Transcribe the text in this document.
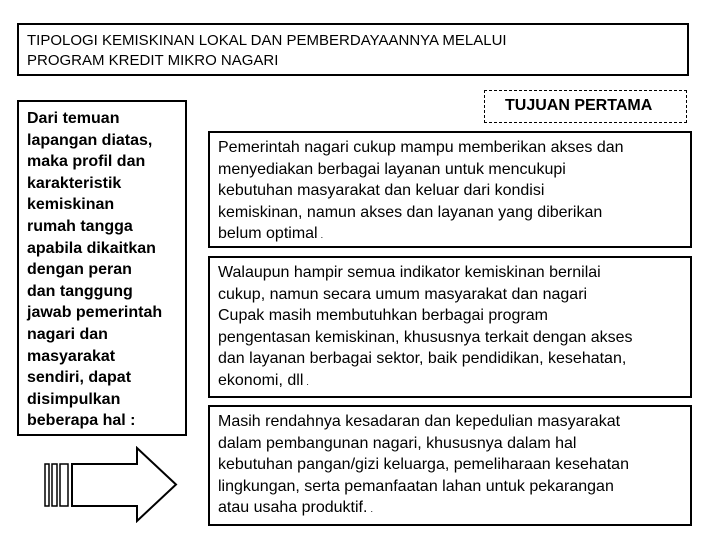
TIPOLOGI KEMISKINAN LOKAL DAN PEMBERDAYAANNYA MELALUI
PROGRAM KREDIT MIKRO NAGARI
Dari temuan
lapangan diatas,
maka profil dan
karakteristik
kemiskinan
rumah tangga
apabila dikaitkan
dengan peran
dan tanggung
jawab pemerintah
nagari dan
masyarakat
sendiri, dapat
disimpulkan
beberapa hal :
TUJUAN PERTAMA
Pemerintah nagari cukup mampu memberikan akses dan
menyediakan berbagai layanan untuk mencukupi
kebutuhan masyarakat dan keluar dari kondisi
kemiskinan, namun akses dan layanan yang diberikan
belum optimal .
Walaupun hampir semua indikator kemiskinan bernilai
cukup, namun secara umum masyarakat dan nagari
Cupak masih membutuhkan berbagai program
pengentasan kemiskinan, khususnya terkait dengan akses
dan layanan berbagai sektor, baik pendidikan, kesehatan,
ekonomi, dll .
Masih rendahnya kesadaran dan kepedulian masyarakat
dalam pembangunan nagari, khususnya dalam hal
kebutuhan pangan/gizi keluarga, pemeliharaan kesehatan
lingkungan, serta pemanfaatan lahan untuk pekarangan
atau usaha produktif. .
